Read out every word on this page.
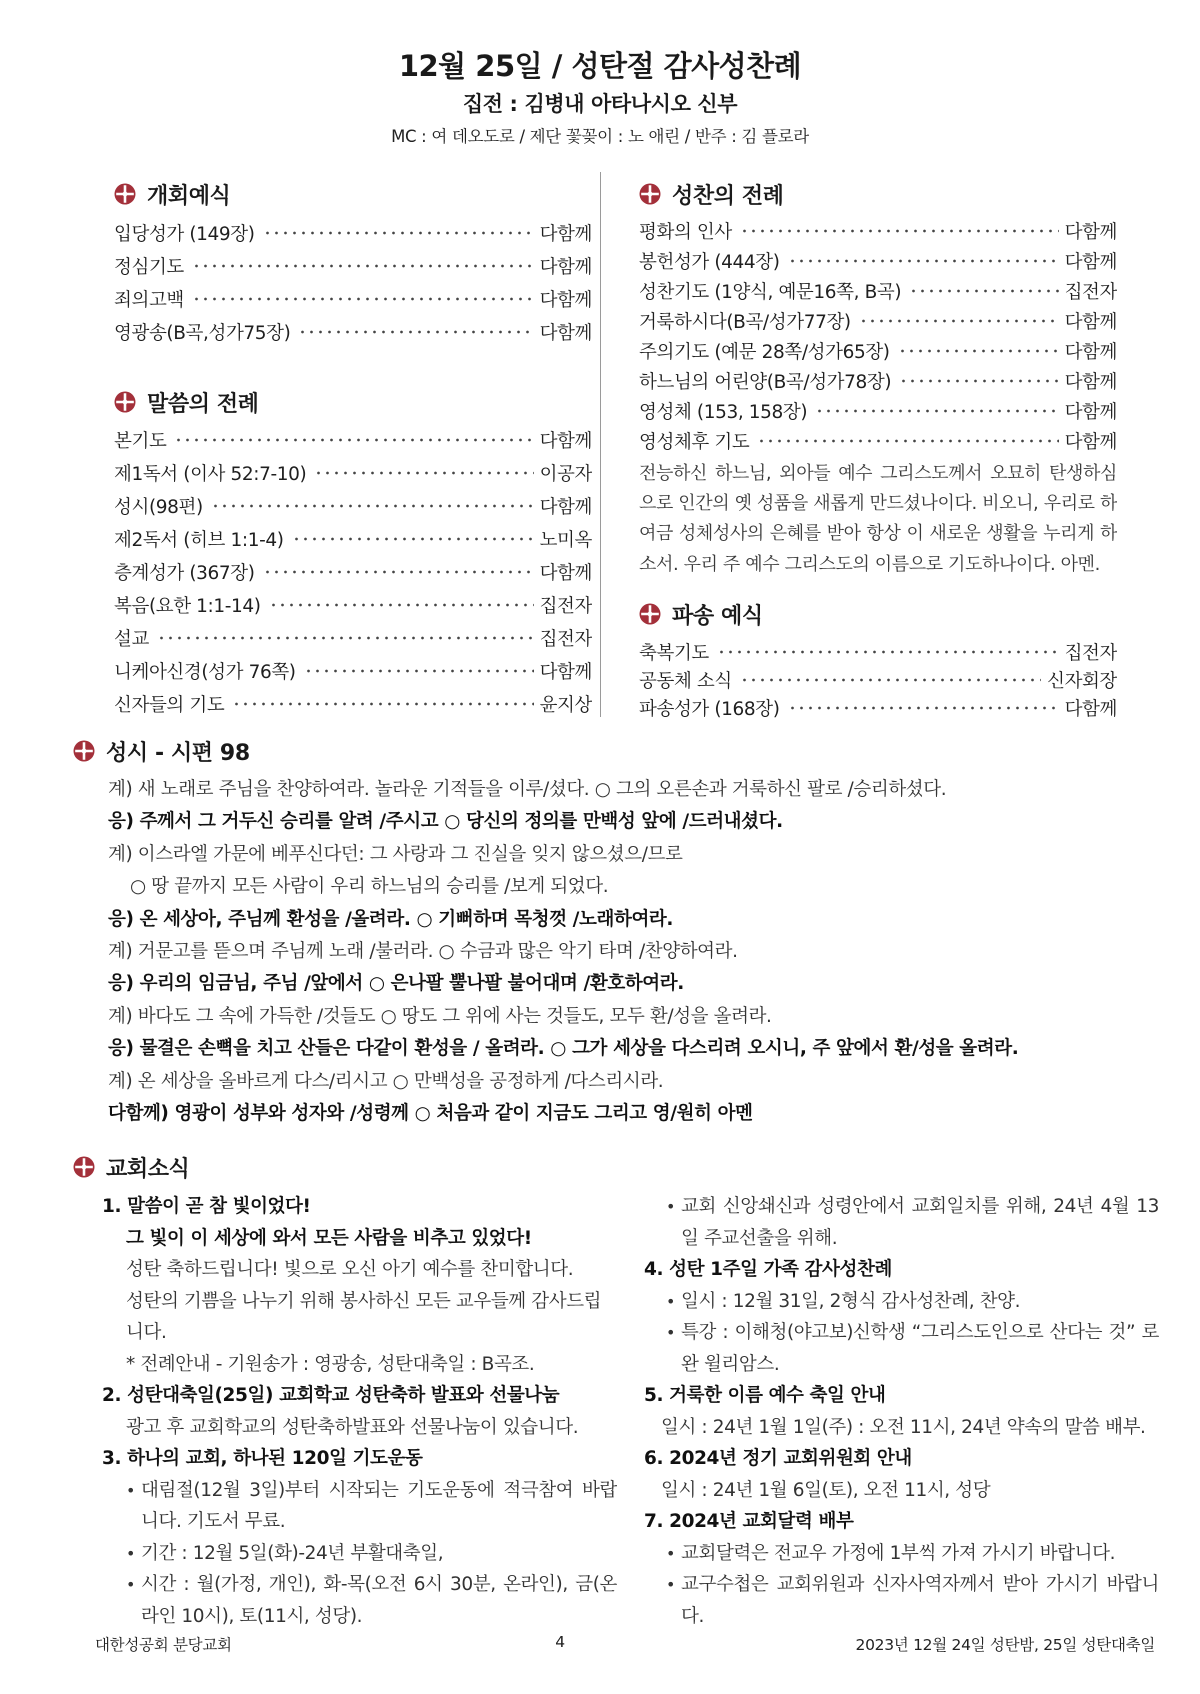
12월 25일 / 성탄절 감사성찬례
집전 : 김병내 아타나시오 신부
MC : 여 데오도로 / 제단 꽃꽂이 : 노 애린 / 반주 : 김 플로라
개회예식
입당성가 (149장)	다함께
정심기도	다함께
죄의고백	다함께
영광송(B곡,성가75장)	다함께
말씀의 전례
본기도	다함께
제1독서 (이사 52:7-10)	이공자
성시(98편)	다함께
제2독서 (히브 1:1-4)	노미옥
층계성가 (367장)	다함께
복음(요한 1:1-14)	집전자
설교	집전자
니케아신경(성가 76쪽)	다함께
신자들의 기도	윤지상
성찬의 전례
평화의 인사	다함께
봉헌성가 (444장)	다함께
성찬기도 (1양식, 예문16쪽, B곡)	집전자
거룩하시다(B곡/성가77장)	다함께
주의기도 (예문 28쪽/성가65장)	다함께
하느님의 어린양(B곡/성가78장)	다함께
영성체 (153, 158장)	다함께
영성체후 기도	다함께

전능하신 하느님, 외아들 예수 그리스도께서 오묘히 탄생하심으로 인간의 옛 성품을 새롭게 만드셨나이다. 비오니, 우리로 하여금 성체성사의 은혜를 받아 항상 이 새로운 생활을 누리게 하소서. 우리 주 예수 그리스도의 이름으로 기도하나이다. 아멘.

파송 예식
축복기도	집전자
공동체 소식	신자회장
파송성가 (168장)	다함께
성시 - 시편 98
계) 새 노래로 주님을 찬양하여라. 놀라운 기적들을 이루/셨다. ○ 그의 오른손과 거룩하신 팔로 /승리하셨다.
응) 주께서 그 거두신 승리를 알려 /주시고 ○ 당신의 정의를 만백성 앞에 /드러내셨다.
계) 이스라엘 가문에 베푸신다던: 그 사랑과 그 진실을 잊지 않으셨으/므로
○ 땅 끝까지 모든 사람이 우리 하느님의 승리를 /보게 되었다.
응) 온 세상아, 주님께 환성을 /올려라. ○ 기뻐하며 목청껏 /노래하여라.
계) 거문고를 뜯으며 주님께 노래 /불러라. ○ 수금과 많은 악기 타며 /찬양하여라.
응) 우리의 임금님, 주님 /앞에서 ○ 은나팔 뿔나팔 불어대며 /환호하여라.
계) 바다도 그 속에 가득한 /것들도 ○ 땅도 그 위에 사는 것들도, 모두 환/성을 올려라.
응) 물결은 손뼉을 치고 산들은 다같이 환성을 / 올려라. ○ 그가 세상을 다스리려 오시니, 주 앞에서 환/성을 올려라.
계) 온 세상을 올바르게 다스/리시고 ○ 만백성을 공정하게 /다스리시라.
다함께) 영광이 성부와 성자와 /성령께 ○ 처음과 같이 지금도 그리고 영/원히 아멘
교회소식
1. 말씀이 곧 참 빛이었다!
그 빛이 이 세상에 와서 모든 사람을 비추고 있었다!
성탄 축하드립니다! 빛으로 오신 아기 예수를 찬미합니다.
성탄의 기쁨을 나누기 위해 봉사하신 모든 교우들께 감사드립니다.
* 전례안내 - 기원송가 : 영광송, 성탄대축일 : B곡조.
2. 성탄대축일(25일) 교회학교 성탄축하 발표와 선물나눔
광고 후 교회학교의 성탄축하발표와 선물나눔이 있습니다.
3. 하나의 교회, 하나된 120일 기도운동
• 대림절(12월 3일)부터 시작되는 기도운동에 적극참여 바랍니다. 기도서 무료.
• 기간 : 12월 5일(화)-24년 부활대축일,
• 시간 : 월(가정, 개인), 화-목(오전 6시 30분, 온라인), 금(온라인 10시), 토(11시, 성당).
• 교회 신앙쇄신과 성령안에서 교회일치를 위해, 24년 4월 13일 주교선출을 위해.
4. 성탄 1주일 가족 감사성찬례
• 일시 : 12월 31일, 2형식 감사성찬례, 찬양.
• 특강 : 이해청(야고보)신학생 “그리스도인으로 산다는 것” 로완 윌리암스.
5. 거룩한 이름 예수 축일 안내
일시 : 24년 1월 1일(주) : 오전 11시, 24년 약속의 말씀 배부.
6. 2024년 정기 교회위원회 안내
일시 : 24년 1월 6일(토), 오전 11시, 성당
7. 2024년 교회달력 배부
• 교회달력은 전교우 가정에 1부씩 가져 가시기 바랍니다.
• 교구수첩은 교회위원과 신자사역자께서 받아 가시기 바랍니다.
대한성공회 분당교회	4	2023년 12월 24일 성탄밤, 25일 성탄대축일
